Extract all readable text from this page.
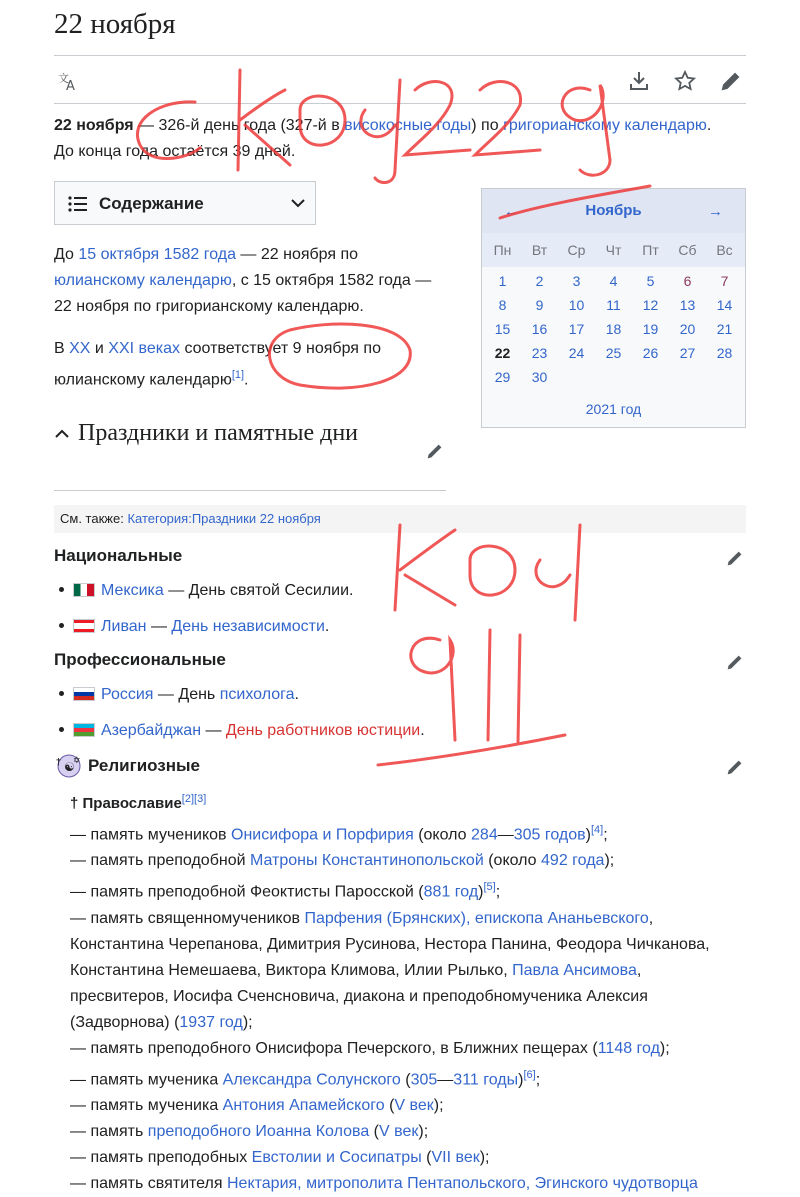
22 ноября
文
A
22 ноября — 326-й день года (327-й в високосные годы) по григорианскому календарю.
До конца года остаётся 39 дней.
Содержание
До 15 октября 1582 года — 22 ноября по
юлианскому календарю, с 15 октября 1582 года —
22 ноября по григорианскому календарю.
В XX и XXI веках соответствует 9 ноября по
юлианскому календарю[1].
←	Ноябрь	→
Пн	Вт	Ср	Чт	Пт	Сб	Вс
1	2	3	4	5	6	7
8	9	10	11	12	13	14
15	16	17	18	19	20	21
22	23	24	25	26	27	28
29	30
2021 год
Праздники и памятные дни
См. также: Категория:Праздники 22 ноября
Национальные
Мексика — День святой Сесилии.
Ливан — День независимости.
Профессиональные
Россия — День психолога.
Азербайджан — День работников юстиции.
† ☯
✡ Религиозные
† Православие[2][3]
— память мучеников Онисифора и Порфирия (около 284—305 годов)[4];
— память преподобной Матроны Константинопольской (около 492 года);
— память преподобной Феоктисты Паросской (881 год)[5];
— память священномучеников Парфения (Брянских), епископа Ананьевского,
Константина Черепанова, Димитрия Русинова, Нестора Панина, Феодора Чичканова,
Константина Немешаева, Виктора Климова, Илии Рылько, Павла Ансимова,
пресвитеров, Иосифа Сченсновича, диакона и преподобномученика Алексия
(Задворнова) (1937 год);
— память преподобного Онисифора Печерского, в Ближних пещерах (1148 год);
— память мученика Александра Солунского (305—311 годы)[6];
— память мученика Антония Апамейского (V век);
— память преподобного Иоанна Колова (V век);
— память преподобных Евстолии и Сосипатры (VII век);
— память святителя Нектария, митрополита Пентапольского, Эгинского чудотворца
